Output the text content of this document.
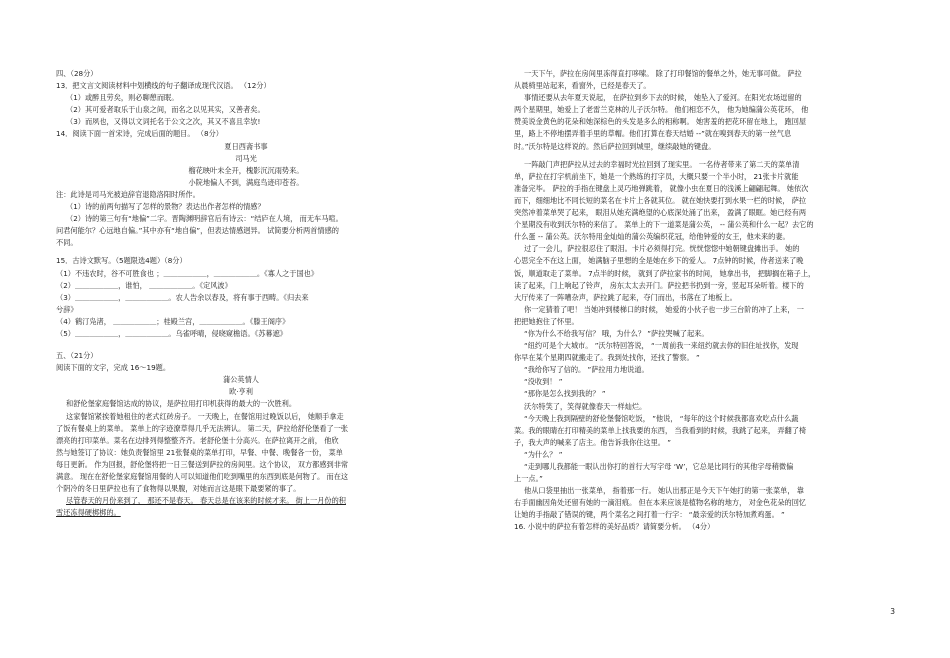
四、（28分）
13．把文言文阅读材料中划横线的句子翻译成现代汉语。 （12分）
（1）或醉且劳矣，则必聊憩而眠。
（2）其可爱者取乐于山泉之间，而名之以见其实，又善者矣。
（3）而夙也，又得以文词托名于公文之次，其又不喜且幸欤!
14．阅读下面一首宋诗，完成后面的题目。 （8分）
夏日西斋书事
司马光
榴花映叶未全开，槐影沉沉雨势来。
小院地偏人不到，满庭鸟迹印苍苔。
注：此诗是司马光被迫辞官退隐洛阳时所作。
（1）诗的前两句描写了怎样的景物？表达出作者怎样的情感？
（2）诗的第三句有“地偏”二字。晋陶渊明辞官后有诗云：“结庐在人境， 而无车马喧。
问君何能尔？心远地自偏。”其中亦有“地自偏”，但表达情感迥异。 试简要分析两首情感的
不同。
15．古诗文默写。（5题限选4题）（8分）
（1）不违农时，谷不可胜食也 ；＿＿＿＿＿＿，＿＿＿＿＿＿。《寡人之于国也》
（2）＿＿＿＿＿＿，谁怕， ＿＿＿＿＿＿。《定风波》
（3）＿＿＿＿＿＿，＿＿＿＿＿＿。农人告余以春及，将有事于西畴。《归去来
兮辞》
（4）鹤汀凫渚， ＿＿＿＿＿＿；桂殿兰宫，＿＿＿＿＿＿。《滕王阁序》
（5）＿＿＿＿＿＿，＿＿＿＿＿＿。乌雀呼晴，侵晓窥檐语。《苏幕遮》
五、（21分）
阅读下面的文字，完成 16～19题。
蒲公英情人
欧·亨利
和舒伦堡家庭餐馆达成的协议，是萨拉用打印机获得的最大的一次胜利。
这家餐馆紧挨着她租住的老式红砖房子。 一天晚上，在餐馆用过晚饭以后， 她顺手拿走
了饭有餐桌上的菜单。 菜单上的字迹潦草得几乎无法辨认。 第二天，萨拉给舒伦堡看了一张
漂亮的打印菜单。菜名在边排列得整整齐齐。老舒伦堡十分高兴。在萨拉离开之前， 他欣
然与她签订了协议：她负责餐馆里 21张餐桌的菜单打印，早餐、中餐、晚餐各一份， 菜单
每日更新。 作为回报，舒伦堡将把一日三餐送到萨拉的房间里。这个协议， 双方都感到非常
满意。 现在在舒伦堡家庭餐馆用餐的人可以知道他们吃到嘴里的东西到底是何物了。 而在这
个阴冷的冬日里萨拉也有了食物得以果腹，对她而言这是眼下最要紧的事了。
尽管春天的月份来到了， 那还不是春天。 春天总是在该来的时候才来。 街上一月份的积
雪还冻得硬梆梆的。
一天下午，萨拉在房间里冻得直打哆嗦。 除了打印餐馆的餐单之外，她无事可做。 萨拉
从晨椅里站起来，看窗外，已经是春天了。
事情还要从去年夏天说起， 在萨拉到乡下去的时候， 她坠入了爱河。在阳光农场逗留的
两个星期里，她爱上了老雷兰克林的儿子沃尔特。 他们相恋不久， 他为她编蒲公英花环， 他
赞美说金黄色的花朵和她深棕色的头发是多么的相称啊。 她害羞的把花环留在地上， 跑回屋
里，路上不停地摆弄着手里的草帽。他们打算在春天结婚 --”就在嗅到春天的第一丝气息
时。”沃尔特是这样说的。然后萨拉回到城里，继续敲她的键盘。
一阵敲门声把萨拉从过去的幸福时光拉回到了现实里。 一名侍者带来了第二天的菜单清
单，萨拉在打字机前坐下，她是一个熟练的打字员，大概只要一个半小时， 21张卡片就能
准备完毕。 萨拉的手指在键盘上灵巧地弹跳着， 就像小虫在夏日的浅溪上翩翩起舞。 她依次
而下，细细地比不同长短的菜名在卡片上各就其位。 就在她快要打到水果一栏的时候， 萨拉
突然冲着菜单哭了起来， 眼泪从她充满绝望的心底深处涌了出来， 盈满了眼眶。她已经有两
个星期没有收到沃尔特的来信了。 菜单上的下一道菜是蒲公英， -- 蒲公英和什么一起？去它的
什么蛋 -- 蒲公英。沃尔特用金灿灿的蒲公英编织花冠，给他钟爱的女王，他未来的妻。
过了一会儿，萨拉很忍住了眼泪。卡片必须得打完。恍恍惚惚中她朝键盘摊出手。 她的
心思完全不在这上面， 她满脑子里想的全是她在乡下的爱人。 7点钟的时候，侍者送来了晚
饭，顺道取走了菜单。 7点半的时候， 就到了萨拉家书的时间， 她拿出书， 把脚搁在箱子上，
读了起来，门上响起了铃声， 房东太太去开门。萨拉把书扔到一旁，竖起耳朵听着。楼下的
大厅传来了一阵嘈杂声，萨拉跳了起来，夺门而出，书落在了地板上。
你一定猜着了吧！ 当她冲到楼梯口的时候， 她爱的小伙子也一步三台阶的冲了上来， 一
把把她抱住了怀里。
“你为什么不给我写信？ 哦，为什么？ ”萨拉哭喊了起来。
“纽约可是个大城市。 ”沃尔特回答说， “一周前我一来纽约就去你的旧住址找你，发现
你早在某个星期四就搬走了。我到处找你，还找了警察。 ”
“我给你写了信的。 ”萨拉用力地说道。
“没收到！ ”
“那你是怎么找到我的？ ”
沃尔特笑了，笑得就像春天一样灿烂。
“今天晚上我到隔壁的舒伦堡餐馆吃饭， ”他说， “每年的这个时候我都喜欢吃点什么蔬
菜。我的眼睛在打印精美的菜单上找我要的东西， 当我看到的时候，我跳了起来， 弄翻了椅
子，我大声的喊来了店主。他告诉我你住这里。 ”
“为什么？ ”
“走到哪儿我都能一眼认出你打的首行大写字母 ‘W’，它总是比同行的其他字母稍微偏
上一点。”
他从口袋里抽出一张菜单， 指着那一行。 她认出那正是今天下午她打的第一张菜单， 靠
右手面幽因角处还留有她的一滴泪痕。 但在本来应该是植物名称的地方， 对金色花朵的回忆
让她的手指敲了错误的键，两个菜名之间打着一行字： “最亲爱的沃尔特加煮鸡蛋。 ”
16. 小说中的萨拉有着怎样的美好品质？请简要分析。 （4分）
3
